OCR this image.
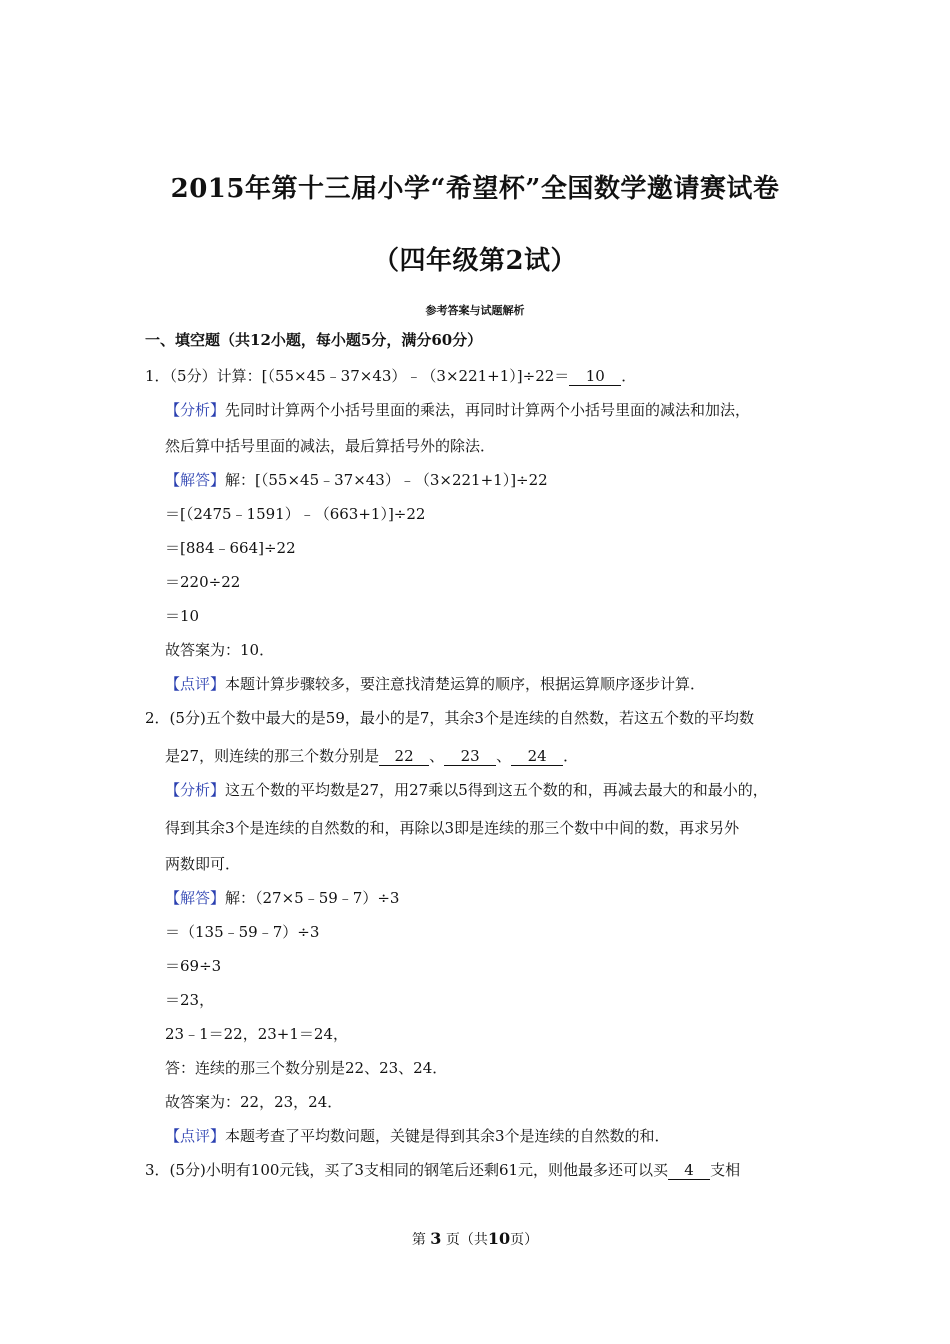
2015年第十三届小学“希望杯”全国数学邀请赛试卷
（四年级第2试）
参考答案与试题解析
一、填空题（共12小题，每小题5分，满分60分）
1．（5分）计算：[（55×45﹣37×43）﹣（3×221+1）]÷22＝ 10 ．
【分析】先同时计算两个小括号里面的乘法，再同时计算两个小括号里面的减法和加法，
然后算中括号里面的减法，最后算括号外的除法．
【解答】解：[（55×45﹣37×43）﹣（3×221+1）]÷22
＝[（2475﹣1591）﹣（663+1）]÷22
＝[884﹣664]÷22
＝220÷22
＝10
故答案为：10．
【点评】本题计算步骤较多，要注意找清楚运算的顺序，根据运算顺序逐步计算．
2．(5分)五个数中最大的是59，最小的是7，其余3个是连续的自然数，若这五个数的平均数
是27，则连续的那三个数分别是 22 、 23 、 24 ．
【分析】这五个数的平均数是27，用27乘以5得到这五个数的和，再减去最大的和最小的，
得到其余3个是连续的自然数的和，再除以3即是连续的那三个数中中间的数，再求另外
两数即可．
【解答】解：（27×5﹣59﹣7）÷3
＝（135﹣59﹣7）÷3
＝69÷3
＝23，
23﹣1＝22，23+1＝24，
答：连续的那三个数分别是22、23、24．
故答案为：22，23，24．
【点评】本题考查了平均数问题，关键是得到其余3个是连续的自然数的和．
3．(5分)小明有100元钱，买了3支相同的钢笔后还剩61元，则他最多还可以买 4 支相
第 3 页（共10页）
